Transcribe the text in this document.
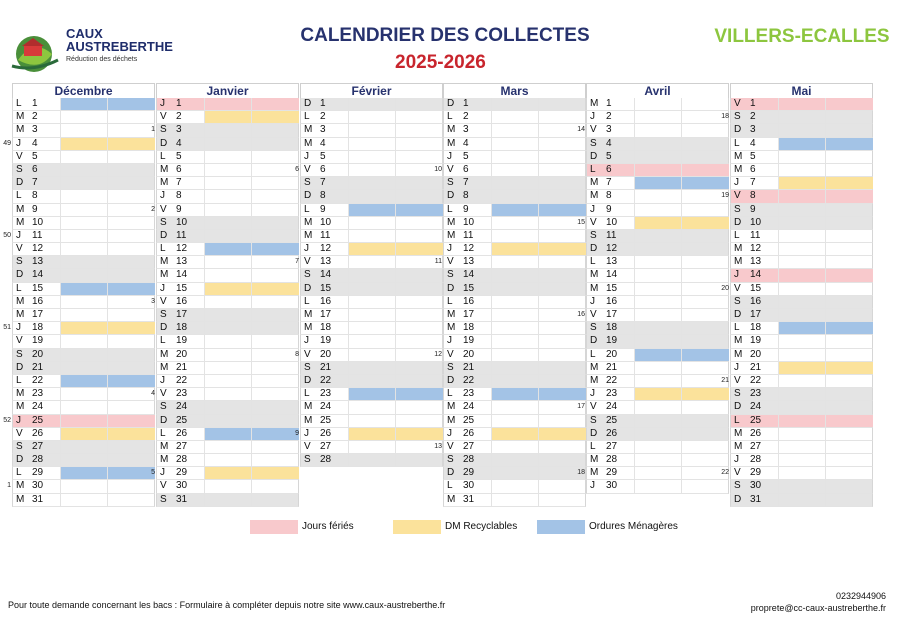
CAUX
AUSTREBERTHE
Réduction des déchets
CALENDRIER DES COLLECTES
2025-2026
VILLERS-ECALLES
Décembre
L	1
M 2
M 3
49 J	4
V 5
S 6
D 7
L	8
M 9
M 10
50 J	11
V 12
S 13
D 14
L	15
M 16
M 17
51 J	18
V 19
S 20
D 21
L	22
M 23
M 24
52 J	25
V 26
S 27
D 28
L	29
1 M 30
M 31
Janvier
J	1
V 2
1 S 3
D 4
L	5
M 6
M 7
J	8
2 V 9
S 10
D 11
L	12
M 13
M 14
J	15
3 V 16
S 17
D 18
L	19
M 20
M 21
J	22
4 V 23
S 24
D 25
L	26
M 27
M 28
5 J	29
V 30
S 31
Février
D 1
L	2
M 3
M 4
J	5
6 V 6
S 7
D 8
L	9
M 10
M 11
J	12
7 V 13
S 14
D 15
L	16
M 17
M 18
J	19
8 V 20
S 21
D 22
L	23
M 24
M 25
9 J	26
V 27
S 28
Mars
D 1
L	2
M 3
M 4
J	5
10 V 6
S 7
D 8
L	9
M 10
M 11
J	12
11 V 13
S 14
D 15
L	16
M 17
M 18
J	19
12 V 20
S 21
D 22
L	23
M 24
M 25
J	26
13 V 27
S 28
D 29
L	30
M 31
Avril
M 1
J	2
14 V 3
S 4
D 5
L	6
M 7
M 8
J	9
15 V 10
S 11
D 12
L	13
M 14
M 15
J	16
16 V 17
S 18
D 19
L	20
M 21
M 22
J	23
17 V 24
S 25
D 26
L	27
M 28
18 M 29
J	30
Mai
V 1
18 S 2
D 3
L	4
M 5
M 6
J	7
19 V 8
S 9
D 10
L	11
M 12
M 13
J	14
20 V 15
S 16
D 17
L	18
M 19
M 20
J	21
21 V 22
S 23
D 24
L	25
M 26
M 27
J	28
22 V 29
S 30
D 31
Jours fériés	DM Recyclables	Ordures Ménagères
Pour toute demande concernant les bacs : Formulaire à compléter depuis notre site www.caux-austreberthe.fr
0232944906
proprete@cc-caux-austreberthe.fr
